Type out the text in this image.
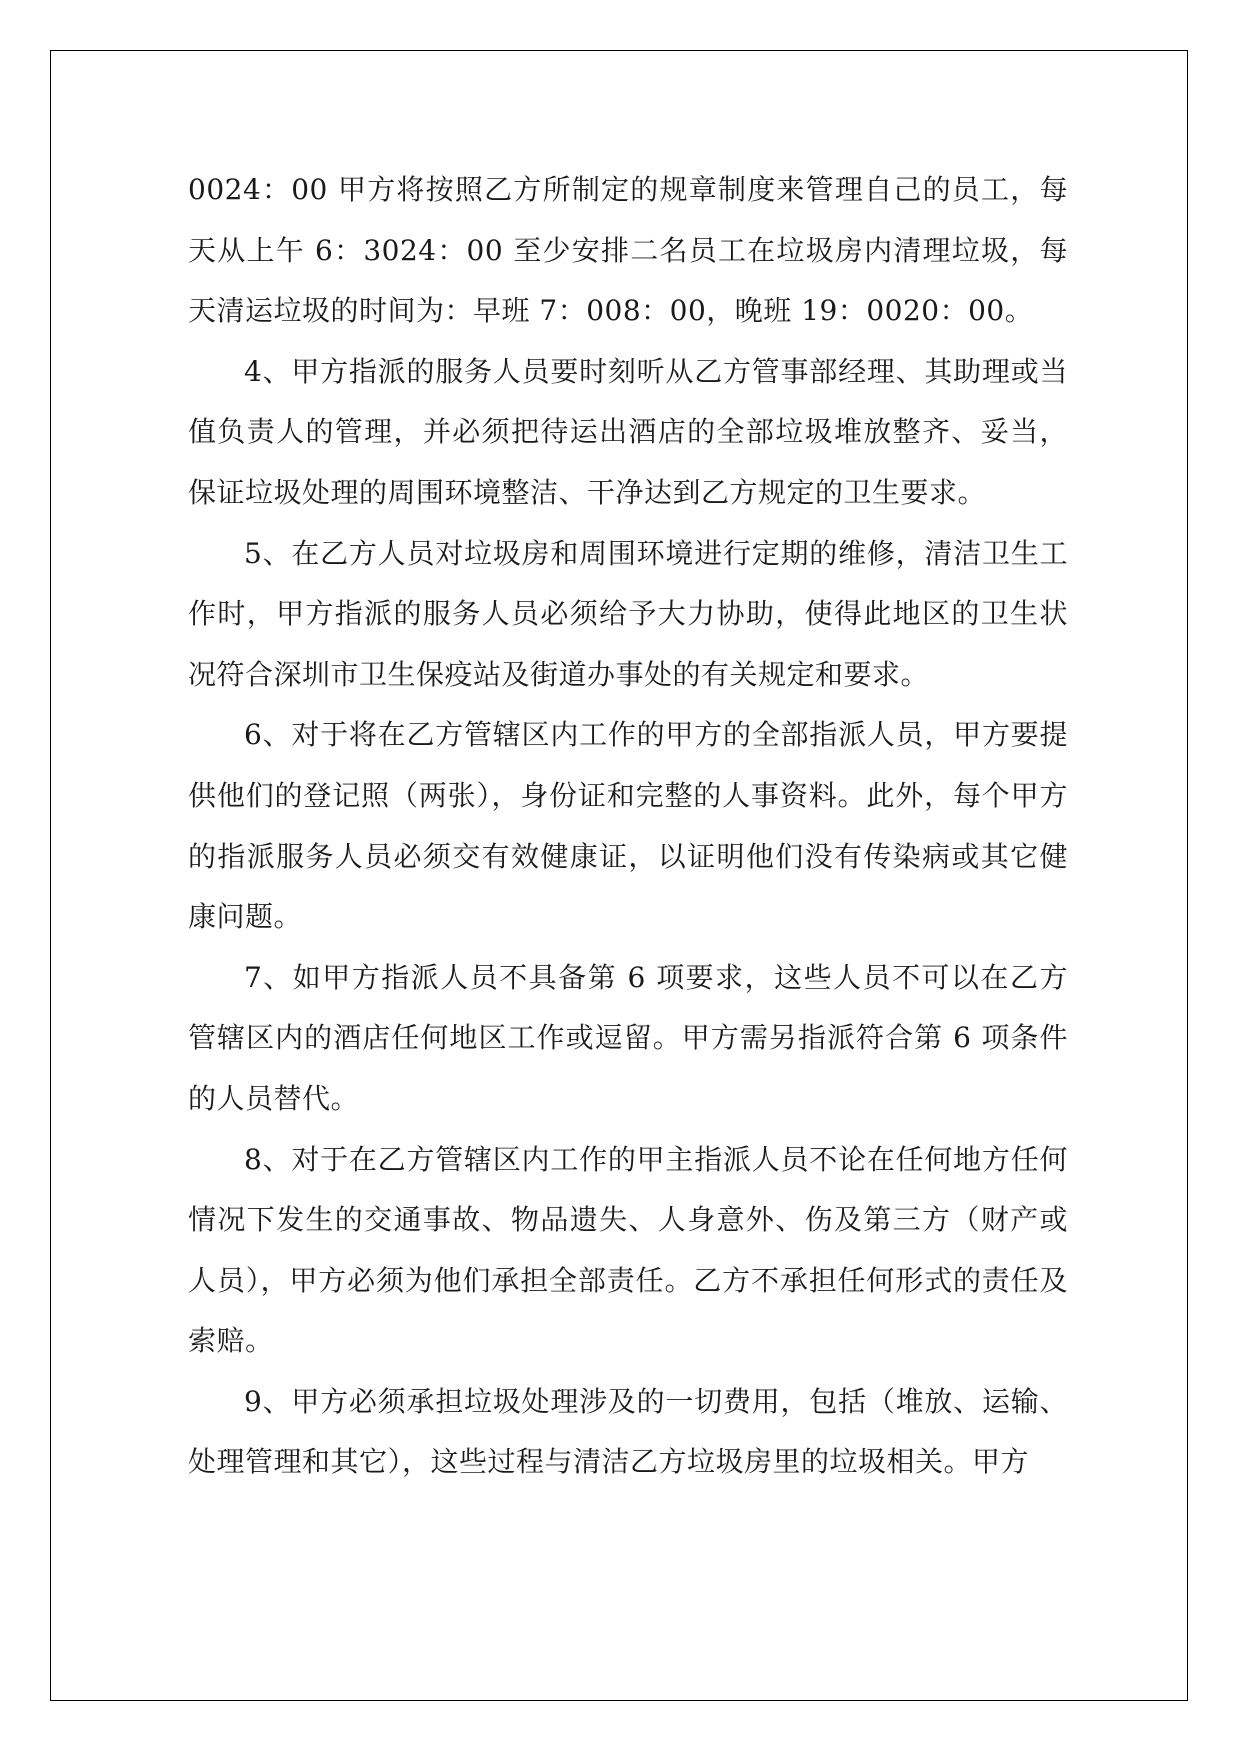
0024：00 甲方将按照乙方所制定的规章制度来管理自己的员工，每天从上午 6：3024：00 至少安排二名员工在垃圾房内清理垃圾，每天清运垃圾的时间为：早班 7：008：00，晚班 19：0020：00。

4、甲方指派的服务人员要时刻听从乙方管事部经理、其助理或当值负责人的管理，并必须把待运出酒店的全部垃圾堆放整齐、妥当，保证垃圾处理的周围环境整洁、干净达到乙方规定的卫生要求。

5、在乙方人员对垃圾房和周围环境进行定期的维修，清洁卫生工作时，甲方指派的服务人员必须给予大力协助，使得此地区的卫生状况符合深圳市卫生保疫站及街道办事处的有关规定和要求。

6、对于将在乙方管辖区内工作的甲方的全部指派人员，甲方要提供他们的登记照（两张），身份证和完整的人事资料。此外，每个甲方的指派服务人员必须交有效健康证，以证明他们没有传染病或其它健康问题。

7、如甲方指派人员不具备第 6 项要求，这些人员不可以在乙方管辖区内的酒店任何地区工作或逗留。甲方需另指派符合第 6 项条件的人员替代。

8、对于在乙方管辖区内工作的甲主指派人员不论在任何地方任何情况下发生的交通事故、物品遗失、人身意外、伤及第三方（财产或人员），甲方必须为他们承担全部责任。乙方不承担任何形式的责任及索赔。

9、甲方必须承担垃圾处理涉及的一切费用，包括（堆放、运输、处理管理和其它），这些过程与清洁乙方垃圾房里的垃圾相关。甲方
